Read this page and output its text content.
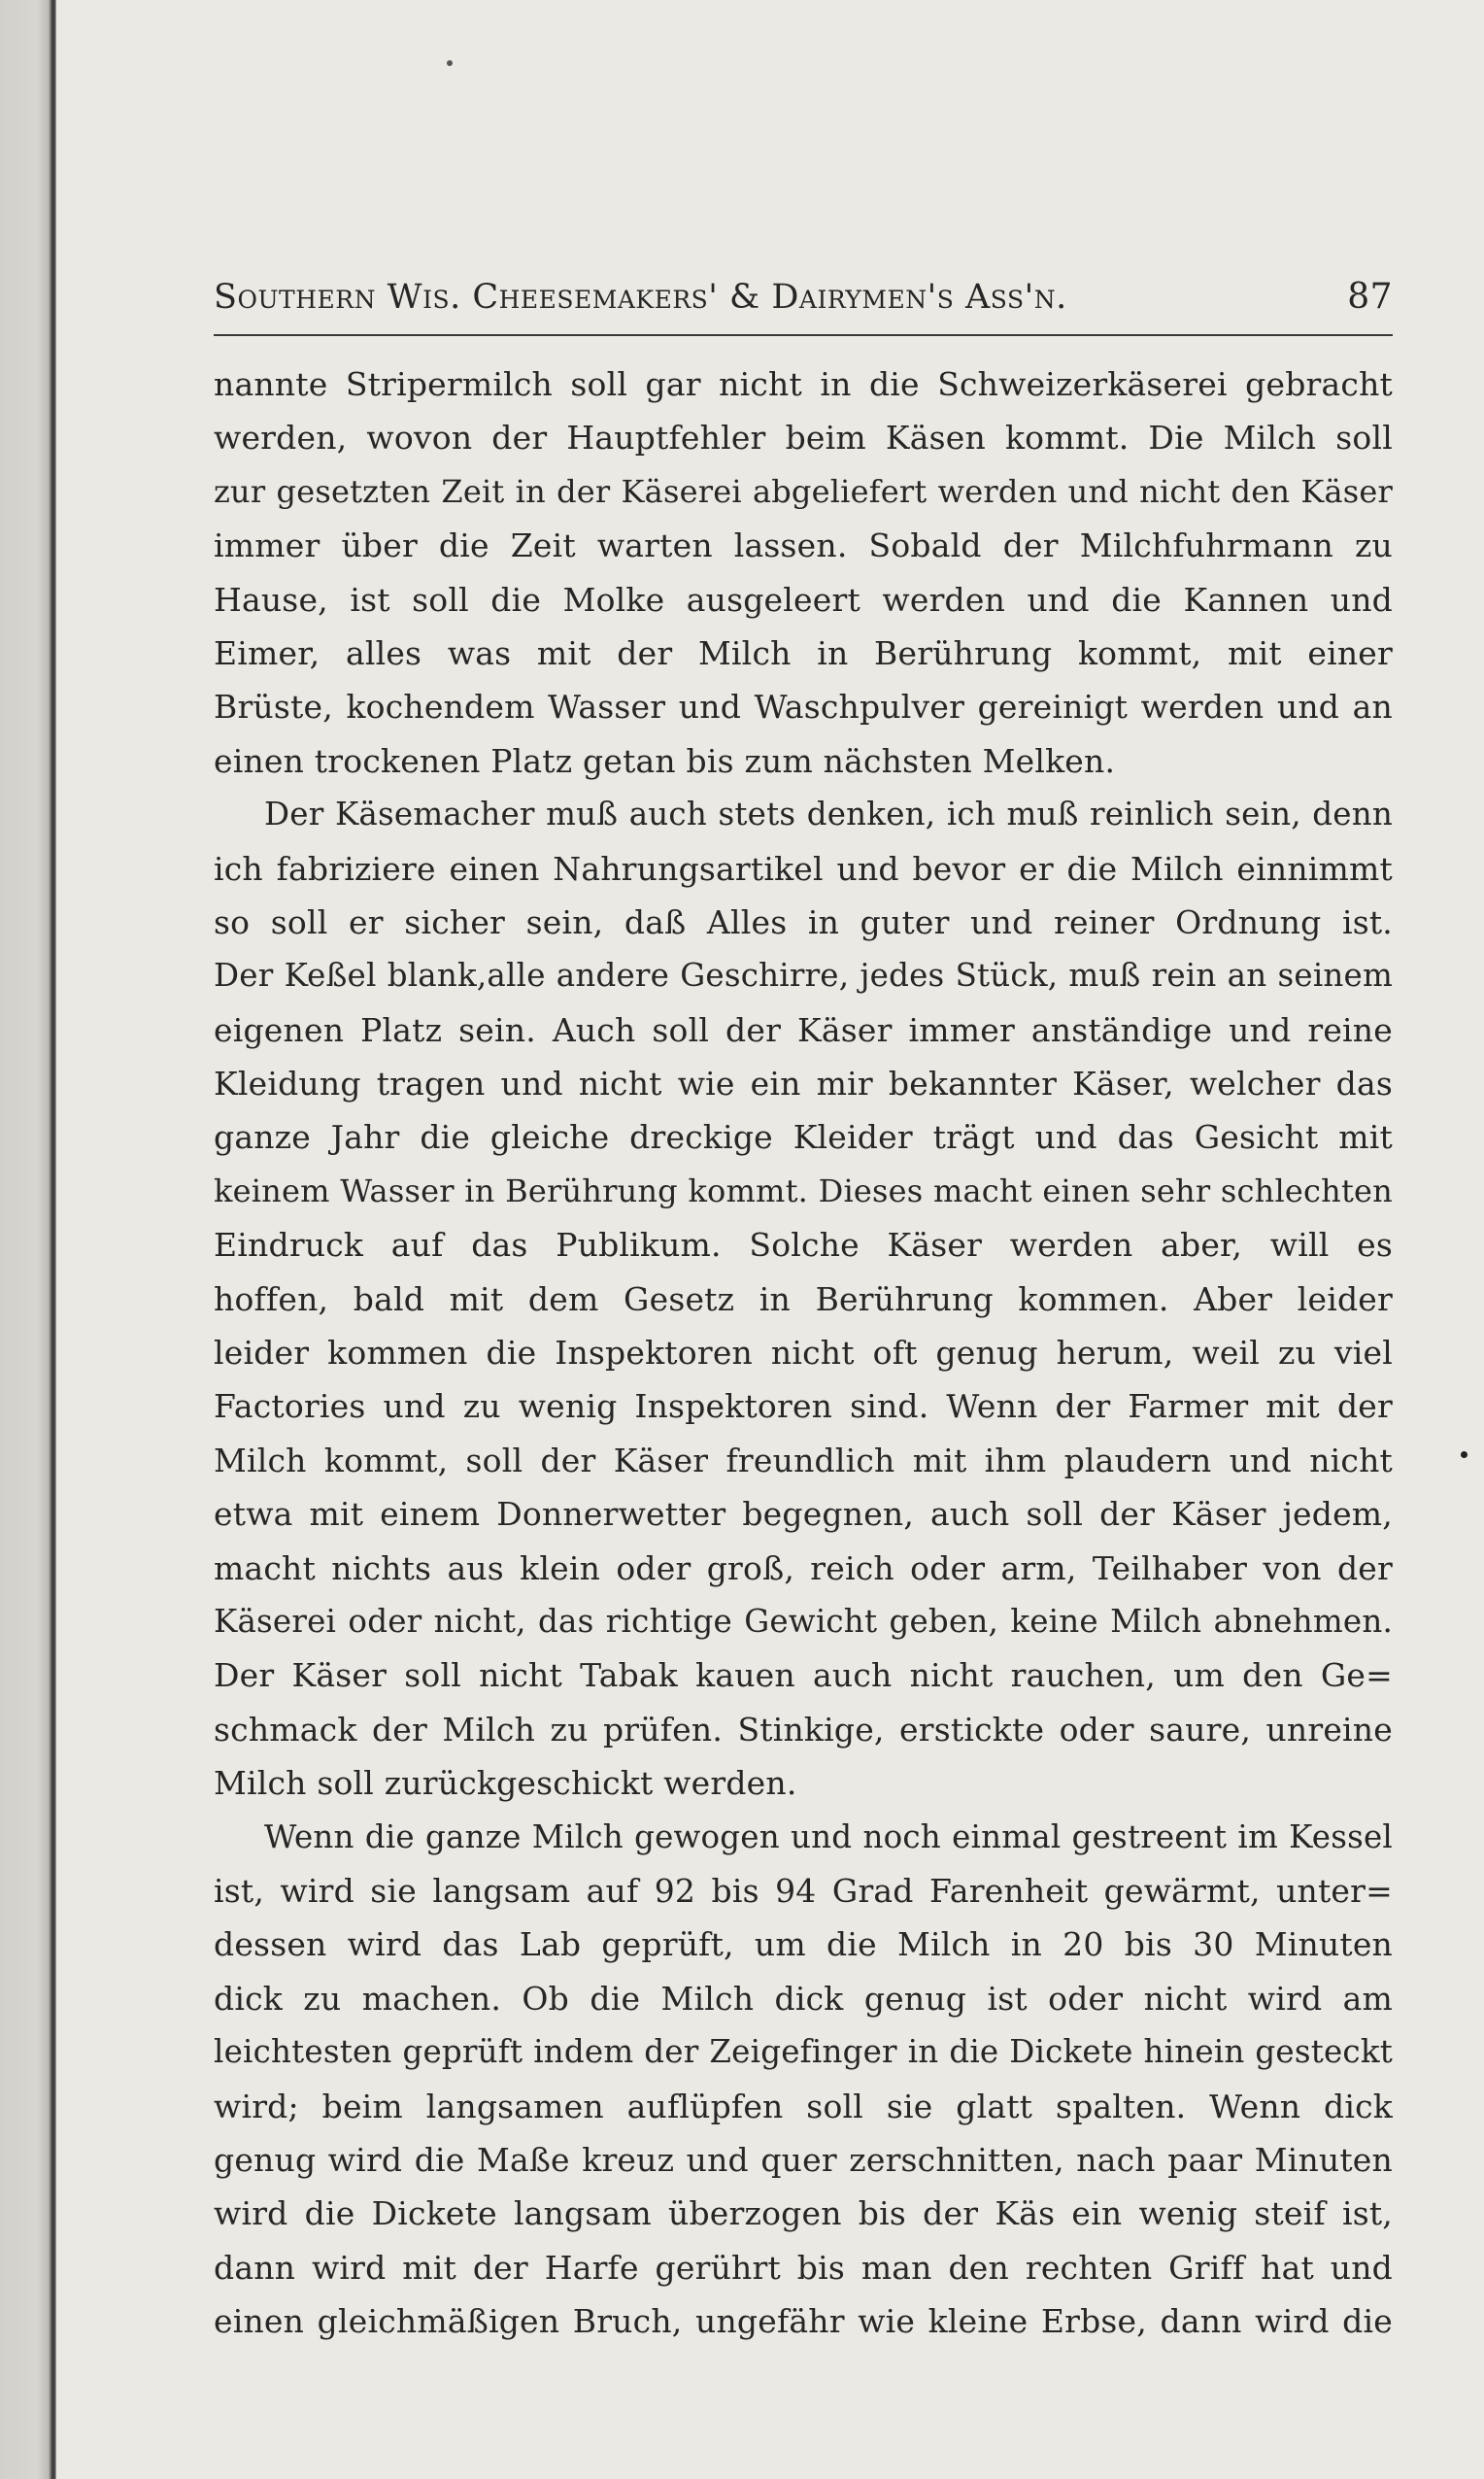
Southern Wis. Cheesemakers' & Dairymen's Ass'n.	87
nannte Stripermilch soll gar nicht in die Schweizerkäserei gebracht
werden, wovon der Hauptfehler beim Käsen kommt. Die Milch soll
zur gesetzten Zeit in der Käserei abgeliefert werden und nicht den Käser
immer über die Zeit warten lassen. Sobald der Milchfuhrmann zu
Hause, ist soll die Molke ausgeleert werden und die Kannen und
Eimer, alles was mit der Milch in Berührung kommt, mit einer
Brüste, kochendem Wasser und Waschpulver gereinigt werden und an
einen trockenen Platz getan bis zum nächsten Melken.
Der Käsemacher muß auch stets denken, ich muß reinlich sein, denn
ich fabriziere einen Nahrungsartikel und bevor er die Milch einnimmt
so soll er sicher sein, daß Alles in guter und reiner Ordnung ist.
Der Keßel blank,alle andere Geschirre, jedes Stück, muß rein an seinem
eigenen Platz sein. Auch soll der Käser immer anständige und reine
Kleidung tragen und nicht wie ein mir bekannter Käser, welcher das
ganze Jahr die gleiche dreckige Kleider trägt und das Gesicht mit
keinem Wasser in Berührung kommt. Dieses macht einen sehr schlechten
Eindruck auf das Publikum. Solche Käser werden aber, will es
hoffen, bald mit dem Gesetz in Berührung kommen. Aber leider
leider kommen die Inspektoren nicht oft genug herum, weil zu viel
Factories und zu wenig Inspektoren sind. Wenn der Farmer mit der
Milch kommt, soll der Käser freundlich mit ihm plaudern und nicht
etwa mit einem Donnerwetter begegnen, auch soll der Käser jedem,
macht nichts aus klein oder groß, reich oder arm, Teilhaber von der
Käserei oder nicht, das richtige Gewicht geben, keine Milch abnehmen.
Der Käser soll nicht Tabak kauen auch nicht rauchen, um den Ge=
schmack der Milch zu prüfen. Stinkige, erstickte oder saure, unreine
Milch soll zurückgeschickt werden.
Wenn die ganze Milch gewogen und noch einmal gestreent im Kessel
ist, wird sie langsam auf 92 bis 94 Grad Farenheit gewärmt, unter=
dessen wird das Lab geprüft, um die Milch in 20 bis 30 Minuten
dick zu machen. Ob die Milch dick genug ist oder nicht wird am
leichtesten geprüft indem der Zeigefinger in die Dickete hinein gesteckt
wird; beim langsamen auflüpfen soll sie glatt spalten. Wenn dick
genug wird die Maße kreuz und quer zerschnitten, nach paar Minuten
wird die Dickete langsam überzogen bis der Käs ein wenig steif ist,
dann wird mit der Harfe gerührt bis man den rechten Griff hat und
einen gleichmäßigen Bruch, ungefähr wie kleine Erbse, dann wird die
